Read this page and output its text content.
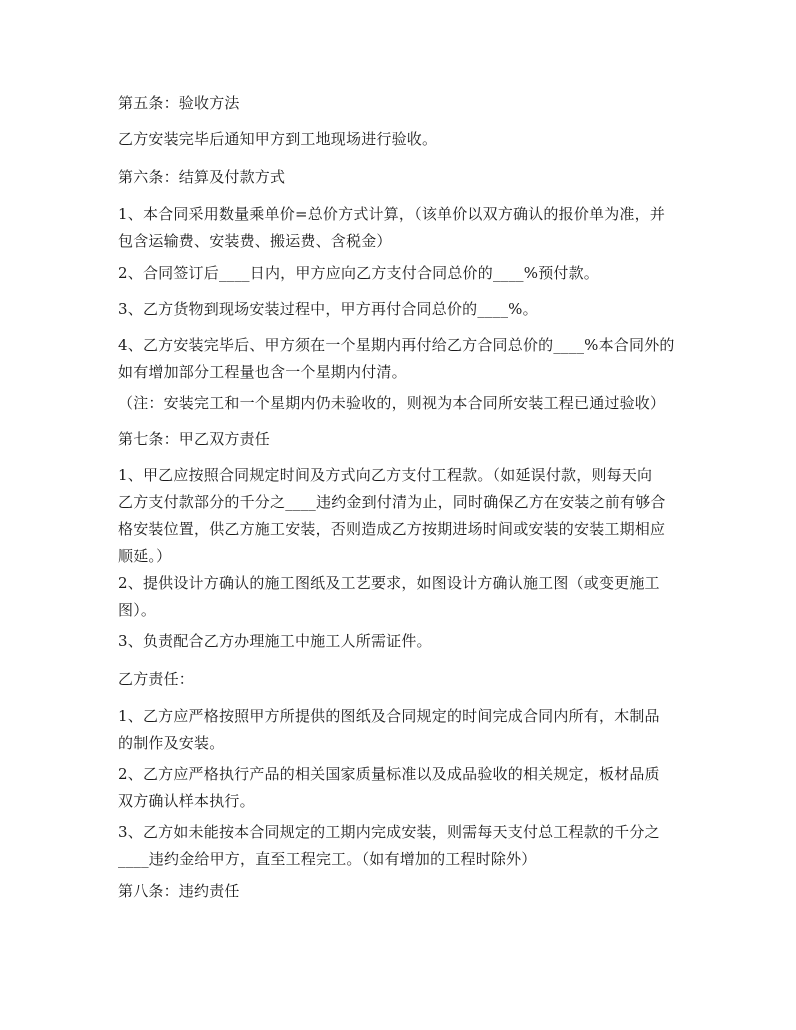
第五条：验收方法

乙方安装完毕后通知甲方到工地现场进行验收。

第六条：结算及付款方式

1、本合同采用数量乘单价=总价方式计算，（该单价以双方确认的报价单为准，并
包含运输费、安装费、搬运费、含税金）

2、合同签订后____日内，甲方应向乙方支付合同总价的____%预付款。

3、乙方货物到现场安装过程中，甲方再付合同总价的____%。

4、乙方安装完毕后、甲方须在一个星期内再付给乙方合同总价的____%本合同外的
如有增加部分工程量也含一个星期内付清。

（注：安装完工和一个星期内仍未验收的，则视为本合同所安装工程已通过验收）

第七条：甲乙双方责任

1、甲乙应按照合同规定时间及方式向乙方支付工程款。（如延误付款，则每天向
乙方支付款部分的千分之____违约金到付清为止，同时确保乙方在安装之前有够合
格安装位置，供乙方施工安装，否则造成乙方按期进场时间或安装的安装工期相应
顺延。）

2、提供设计方确认的施工图纸及工艺要求，如图设计方确认施工图（或变更施工
图）。

3、负责配合乙方办理施工中施工人所需证件。

乙方责任：

1、乙方应严格按照甲方所提供的图纸及合同规定的时间完成合同内所有，木制品
的制作及安装。

2、乙方应严格执行产品的相关国家质量标准以及成品验收的相关规定，板材品质
双方确认样本执行。

3、乙方如未能按本合同规定的工期内完成安装，则需每天支付总工程款的千分之
____违约金给甲方，直至工程完工。（如有增加的工程时除外）

第八条：违约责任
